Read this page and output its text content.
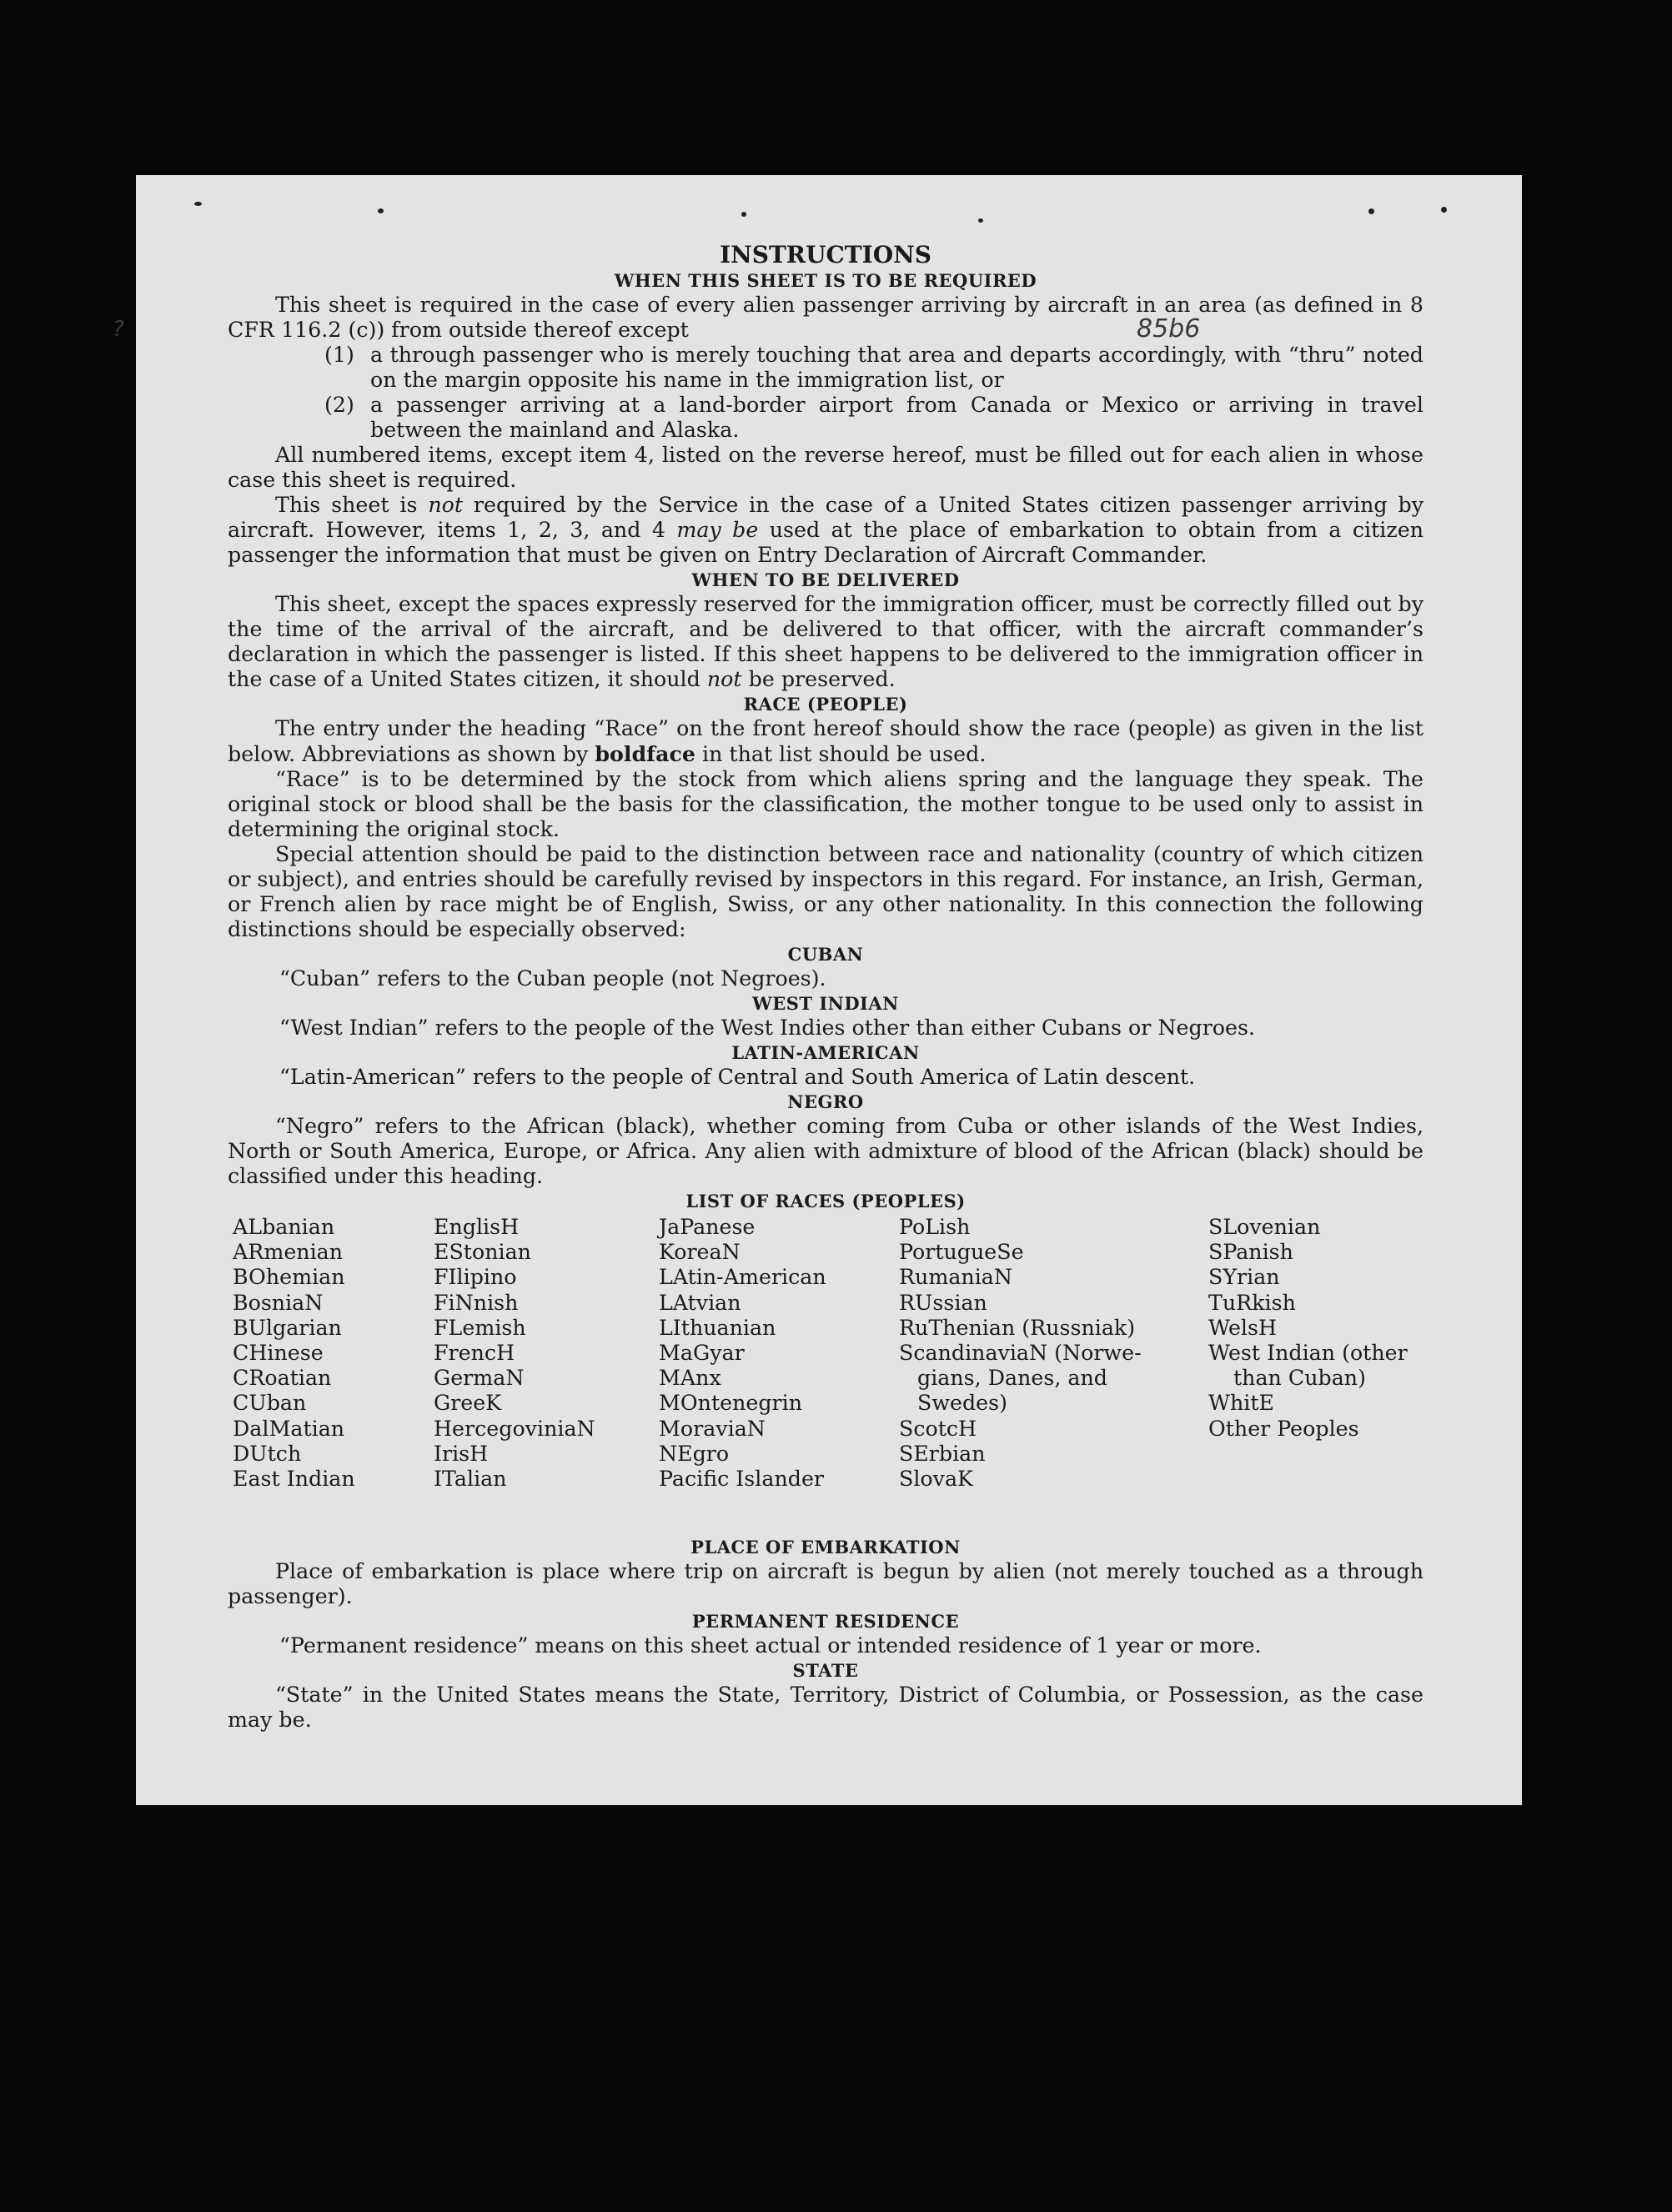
?	85b6

INSTRUCTIONS

WHEN THIS SHEET IS TO BE REQUIRED

This sheet is required in the case of every alien passenger arriving by aircraft in an area (as defined in 8 CFR 116.2 (c)) from outside thereof except

(1) a through passenger who is merely touching that area and departs accordingly, with “thru” noted on the margin opposite his name in the immigration list, or
(2) a passenger arriving at a land-border airport from Canada or Mexico or arriving in travel between the mainland and Alaska.

All numbered items, except item 4, listed on the reverse hereof, must be filled out for each alien in whose case this sheet is required.

This sheet is not required by the Service in the case of a United States citizen passenger arriving by aircraft. However, items 1, 2, 3, and 4 may be used at the place of embarkation to obtain from a citizen passenger the information that must be given on Entry Declaration of Aircraft Commander.

WHEN TO BE DELIVERED

This sheet, except the spaces expressly reserved for the immigration officer, must be correctly filled out by the time of the arrival of the aircraft, and be delivered to that officer, with the aircraft commander’s declaration in which the passenger is listed. If this sheet happens to be delivered to the immigration officer in the case of a United States citizen, it should not be preserved.

RACE (PEOPLE)

The entry under the heading “Race” on the front hereof should show the race (people) as given in the list below. Abbreviations as shown by boldface in that list should be used.

“Race” is to be determined by the stock from which aliens spring and the language they speak. The original stock or blood shall be the basis for the classification, the mother tongue to be used only to assist in determining the original stock.

Special attention should be paid to the distinction between race and nationality (country of which citizen or subject), and entries should be carefully revised by inspectors in this regard. For instance, an Irish, German, or French alien by race might be of English, Swiss, or any other nationality. In this connection the following distinctions should be especially observed:

CUBAN

“Cuban” refers to the Cuban people (not Negroes).

WEST INDIAN

“West Indian” refers to the people of the West Indies other than either Cubans or Negroes.

LATIN-AMERICAN

“Latin-American” refers to the people of Central and South America of Latin descent.

NEGRO

“Negro” refers to the African (black), whether coming from Cuba or other islands of the West Indies, North or South America, Europe, or Africa. Any alien with admixture of blood of the African (black) should be classified under this heading.

LIST OF RACES (PEOPLES)

ALbanian
ARmenian
BOhemian
BosniaN
BUlgarian
CHinese
CRoatian
CUban
DalMatian
DUtch
East Indian
EnglisH
EStonian
FIlipino
FiNnish
FLemish
FrencH
GermaN
GreeK
HercegoviniaN
IrisH
ITalian
JaPanese
KoreaN
LAtin-American
LAtvian
LIthuanian
MaGyar
MAnx
MOntenegrin
MoraviaN
NEgro
Pacific Islander
PoLish
PortugueSe
RumaniaN
RUssian
RuThenian (Russniak)
ScandinaviaN (Norwe-
gians, Danes, and
Swedes)
ScotcH
SErbian
SlovaK
SLovenian
SPanish
SYrian
TuRkish
WelsH
West Indian (other
than Cuban)
WhitE
Other Peoples

PLACE OF EMBARKATION

Place of embarkation is place where trip on aircraft is begun by alien (not merely touched as a through passenger).

PERMANENT RESIDENCE

“Permanent residence” means on this sheet actual or intended residence of 1 year or more.

STATE

“State” in the United States means the State, Territory, District of Columbia, or Possession, as the case may be.
